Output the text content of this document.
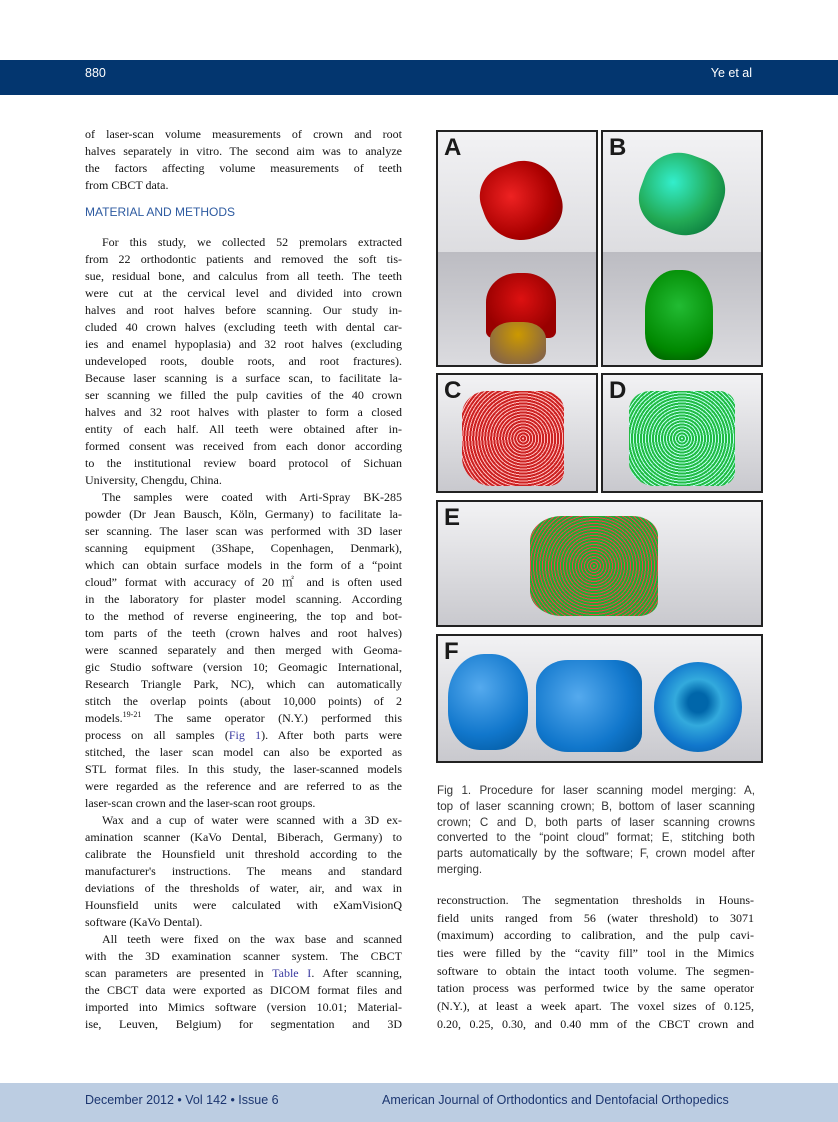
880	Ye et al
of laser-scan volume measurements of crown and root
halves separately in vitro. The second aim was to analyze
the factors affecting volume measurements of teeth
from CBCT data.
MATERIAL AND METHODS
For this study, we collected 52 premolars extracted
from 22 orthodontic patients and removed the soft tis-
sue, residual bone, and calculus from all teeth. The teeth
were cut at the cervical level and divided into crown
halves and root halves before scanning. Our study in-
cluded 40 crown halves (excluding teeth with dental car-
ies and enamel hypoplasia) and 32 root halves (excluding
undeveloped roots, double roots, and root fractures).
Because laser scanning is a surface scan, to facilitate la-
ser scanning we filled the pulp cavities of the 40 crown
halves and 32 root halves with plaster to form a closed
entity of each half. All teeth were obtained after in-
formed consent was received from each donor according
to the institutional review board protocol of Sichuan
University, Chengdu, China.
The samples were coated with Arti-Spray BK-285
powder (Dr Jean Bausch, Köln, Germany) to facilitate la-
ser scanning. The laser scan was performed with 3D laser
scanning equipment (3Shape, Copenhagen, Denmark),
which can obtain surface models in the form of a “point
cloud” format with accuracy of 20 ㎡ and is often used
in the laboratory for plaster model scanning. According
to the method of reverse engineering, the top and bot-
tom parts of the teeth (crown halves and root halves)
were scanned separately and then merged with Geoma-
gic Studio software (version 10; Geomagic International,
Research Triangle Park, NC), which can automatically
stitch the overlap points (about 10,000 points) of 2
models.$^{19-21}$ The same operator (N.Y.) performed this
process on all samples (Fig 1). After both parts were
stitched, the laser scan model can also be exported as
STL format files. In this study, the laser-scanned models
were regarded as the reference and are referred to as the
laser-scan crown and the laser-scan root groups.
Wax and a cup of water were scanned with a 3D ex-
amination scanner (KaVo Dental, Biberach, Germany) to
calibrate the Hounsfield unit threshold according to the
manufacturer's instructions. The means and standard
deviations of the thresholds of water, air, and wax in
Hounsfield units were calculated with eXamVisionQ
software (KaVo Dental).
All teeth were fixed on the wax base and scanned
with the 3D examination scanner system. The CBCT
scan parameters are presented in Table I. After scanning,
the CBCT data were exported as DICOM format files and
imported into Mimics software (version 10.01; Material-
ise, Leuven, Belgium) for segmentation and 3D
A	B
C	D
E
F
Fig 1. Procedure for laser scanning model merging: A,
top of laser scanning crown; B, bottom of laser scanning
crown; C and D, both parts of laser scanning crowns
converted to the “point cloud” format; E, stitching both
parts automatically by the software; F, crown model after
merging.
reconstruction. The segmentation thresholds in Houns-
field units ranged from 56 (water threshold) to 3071
(maximum) according to calibration, and the pulp cavi-
ties were filled by the “cavity fill” tool in the Mimics
software to obtain the intact tooth volume. The segmen-
tation process was performed twice by the same operator
(N.Y.), at least a week apart. The voxel sizes of 0.125,
0.20, 0.25, 0.30, and 0.40 mm of the CBCT crown and
December 2012 • Vol 142 • Issue 6	American Journal of Orthodontics and Dentofacial Orthopedics
